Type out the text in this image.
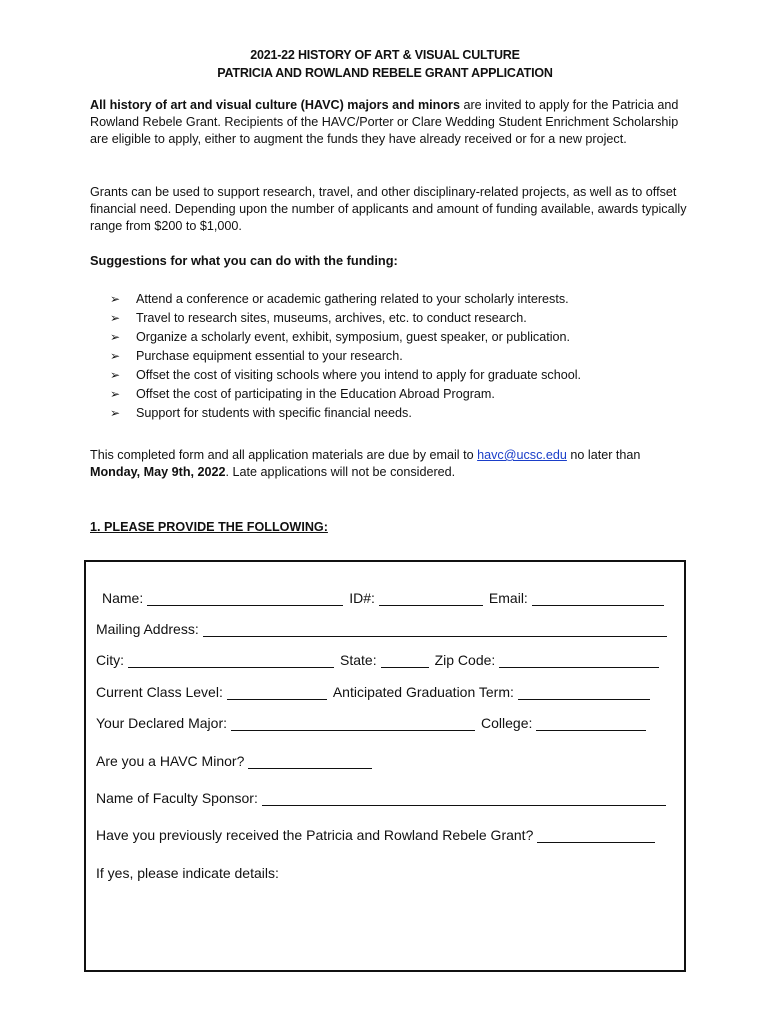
2021-22 HISTORY OF ART & VISUAL CULTURE
PATRICIA AND ROWLAND REBELE GRANT APPLICATION
All history of art and visual culture (HAVC) majors and minors are invited to apply for the Patricia and Rowland Rebele Grant. Recipients of the HAVC/Porter or Clare Wedding Student Enrichment Scholarship are eligible to apply, either to augment the funds they have already received or for a new project.
Grants can be used to support research, travel, and other disciplinary-related projects, as well as to offset financial need. Depending upon the number of applicants and amount of funding available, awards typically range from $200 to $1,000.
Suggestions for what you can do with the funding:
➢ Attend a conference or academic gathering related to your scholarly interests.
➢ Travel to research sites, museums, archives, etc. to conduct research.
➢ Organize a scholarly event, exhibit, symposium, guest speaker, or publication.
➢ Purchase equipment essential to your research.
➢ Offset the cost of visiting schools where you intend to apply for graduate school.
➢ Offset the cost of participating in the Education Abroad Program.
➢ Support for students with specific financial needs.
This completed form and all application materials are due by email to havc@ucsc.edu no later than Monday, May 9th, 2022. Late applications will not be considered.
1. PLEASE PROVIDE THE FOLLOWING:
Name:	ID#:	Email:
Mailing Address:
City:	State:	Zip Code:
Current Class Level:	Anticipated Graduation Term:
Your Declared Major:	College:
Are you a HAVC Minor?
Name of Faculty Sponsor:
Have you previously received the Patricia and Rowland Rebele Grant?
If yes, please indicate details:
